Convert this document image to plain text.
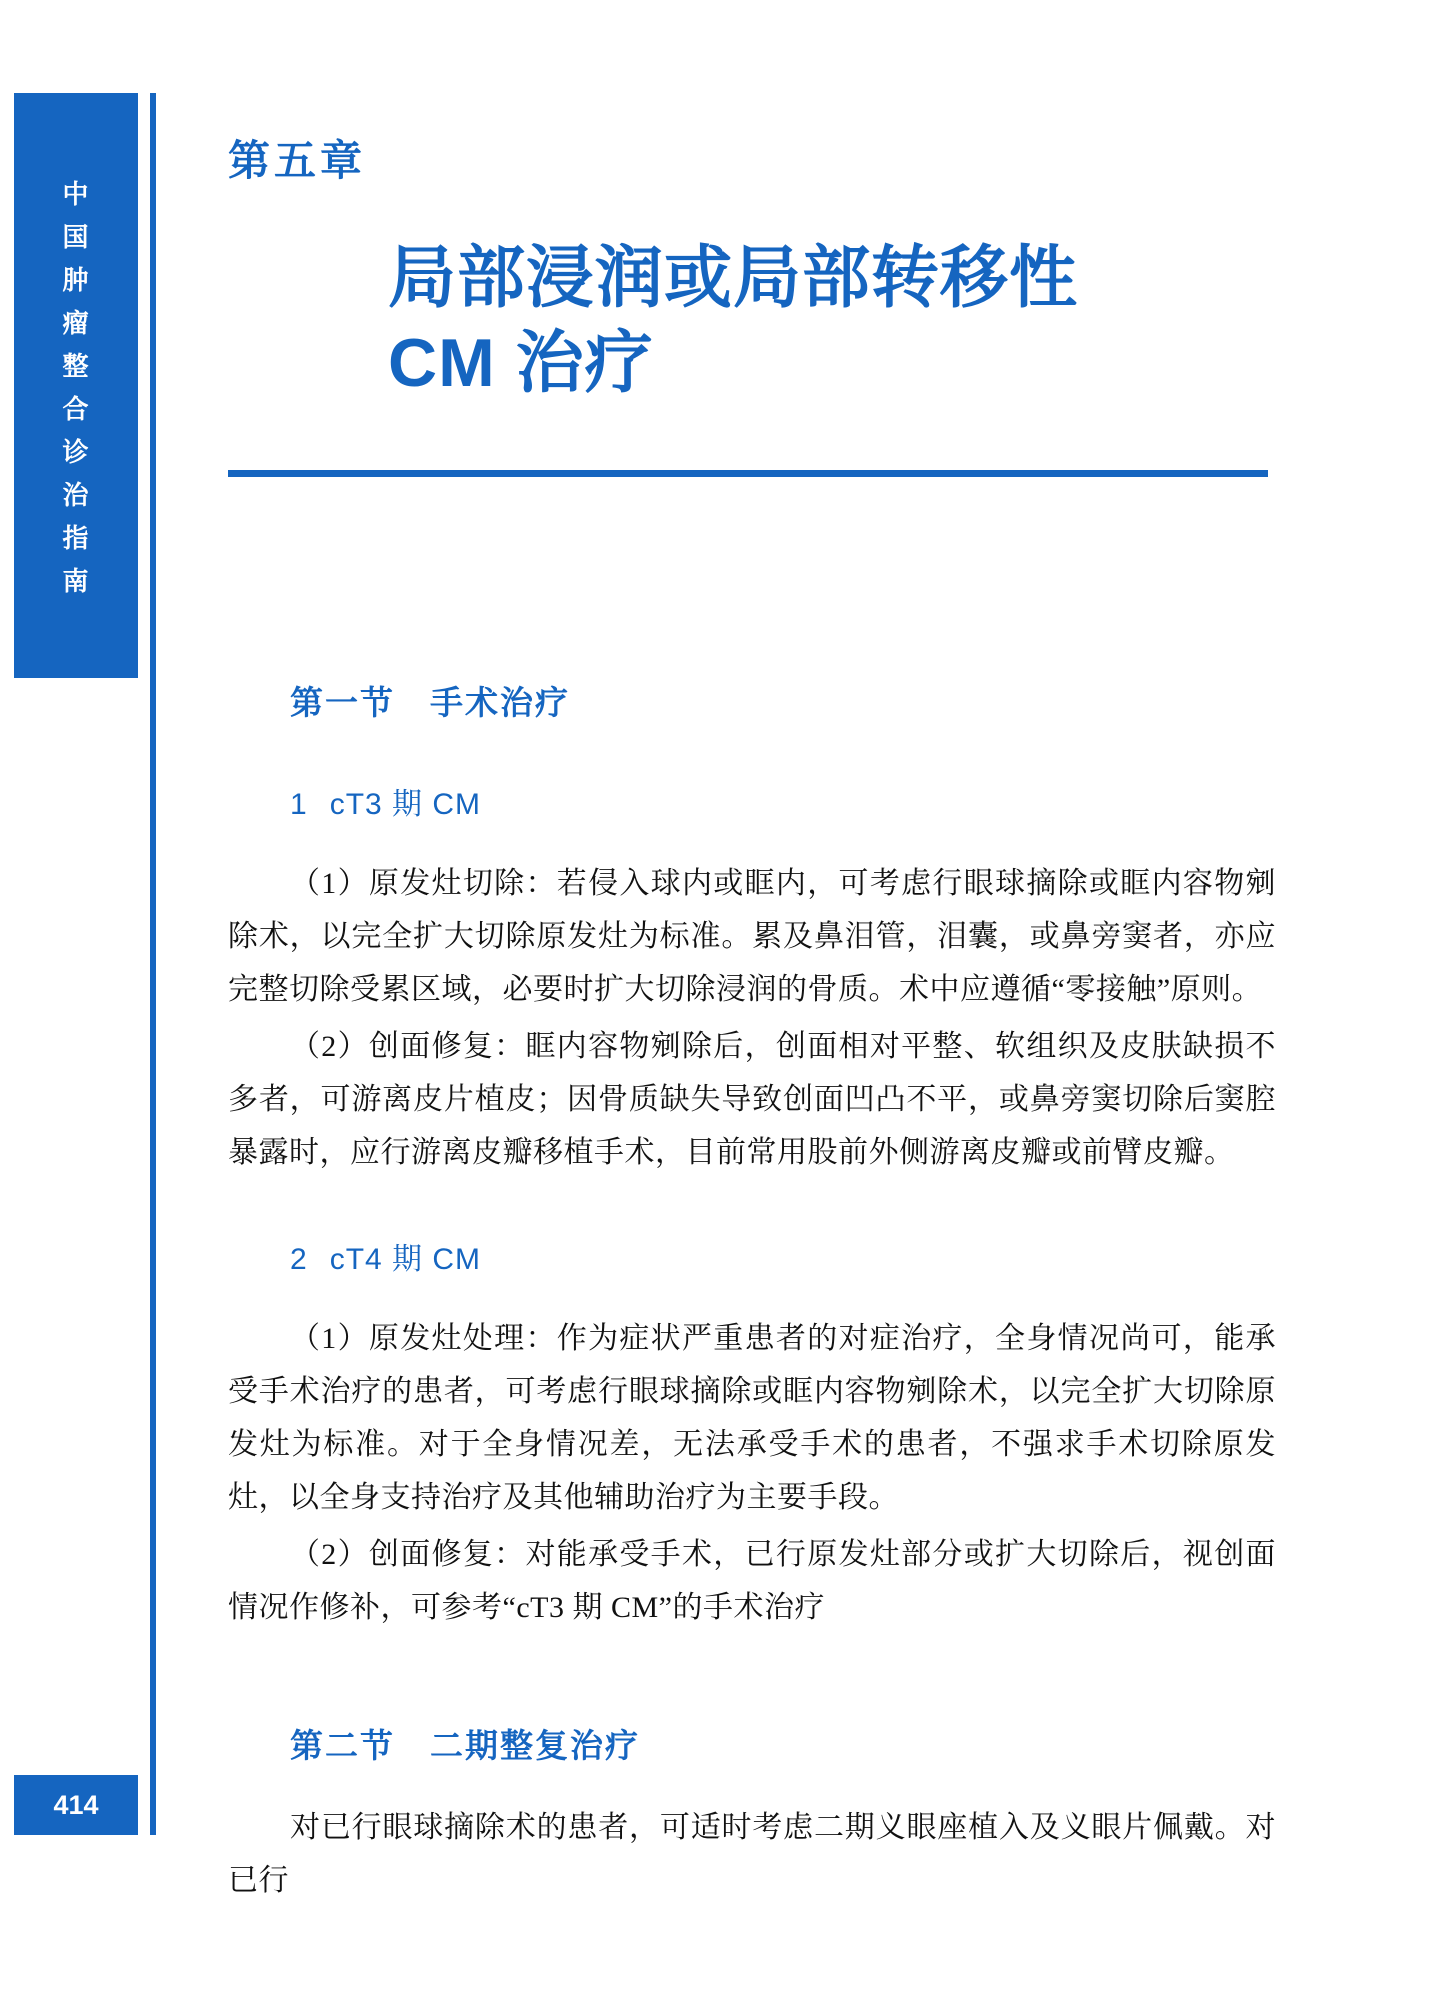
中
国
肿
瘤
整
合
诊
治
指
南
414
第五章
局部浸润或局部转移性
CM 治疗
第一节　手术治疗
1 cT3 期 CM

（1）原发灶切除：若侵入球内或眶内，可考虑行眼球摘除或眶内容物剜除术，以完全扩大切除原发灶为标准。累及鼻泪管，泪囊，或鼻旁窦者，亦应完整切除受累区域，必要时扩大切除浸润的骨质。术中应遵循“零接触”原则。

（2）创面修复：眶内容物剜除后，创面相对平整、软组织及皮肤缺损不多者，可游离皮片植皮；因骨质缺失导致创面凹凸不平，或鼻旁窦切除后窦腔暴露时，应行游离皮瓣移植手术，目前常用股前外侧游离皮瓣或前臂皮瓣。

2 cT4 期 CM

（1）原发灶处理：作为症状严重患者的对症治疗，全身情况尚可，能承受手术治疗的患者，可考虑行眼球摘除或眶内容物剜除术，以完全扩大切除原发灶为标准。对于全身情况差，无法承受手术的患者，不强求手术切除原发灶，以全身支持治疗及其他辅助治疗为主要手段。

（2）创面修复：对能承受手术，已行原发灶部分或扩大切除后，视创面情况作修补，可参考“cT3 期 CM”的手术治疗

第二节　二期整复治疗

对已行眼球摘除术的患者，可适时考虑二期义眼座植入及义眼片佩戴。对已行
